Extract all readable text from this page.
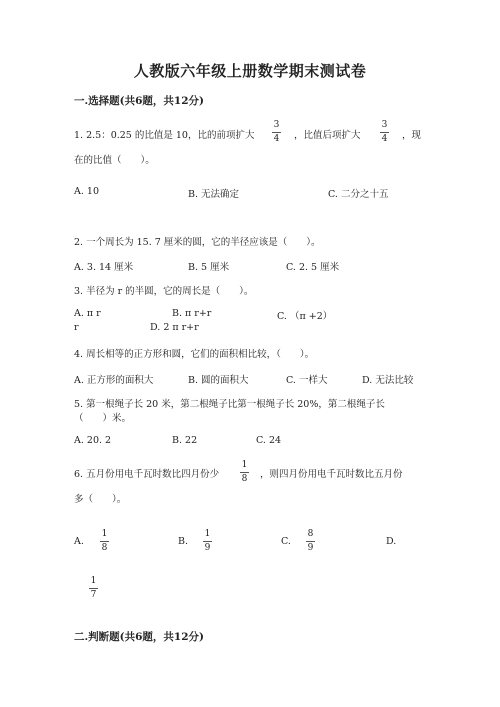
人教版六年级上册数学期末测试卷
一.选择题(共6题，共12分)
1. 2.5：0.25 的比值是 10，比的前项扩大
3
4 ，比值后项扩大
3
4 ，现
在的比值（　　）。
A. 10	B. 无法确定	C. 二分之十五
2. 一个周长为 15. 7 厘米的圆，它的半径应该是（　　）。
A. 3. 14 厘米	B. 5 厘米	C. 2. 5 厘米
3. 半径为 r 的半圆，它的周长是（　　）。
A. π r	B. π r+r	C. （π +2）
r	D. 2 π r+r
4. 周长相等的正方形和圆，它们的面积相比较，（　　）。
A. 正方形的面积大	B. 圆的面积大	C. 一样大	D. 无法比较
5. 第一根绳子长 20 米，第二根绳子比第一根绳子长 20%，第二根绳子长
（　　）米。
A. 20. 2	B. 22	C. 24
6. 五月份用电千瓦时数比四月份少
1
8 ，则四月份用电千瓦时数比五月份
多（　　）。
A.
1
8
B.
1
9
C.
8
9
D.
1
7
二.判断题(共6题，共12分)
